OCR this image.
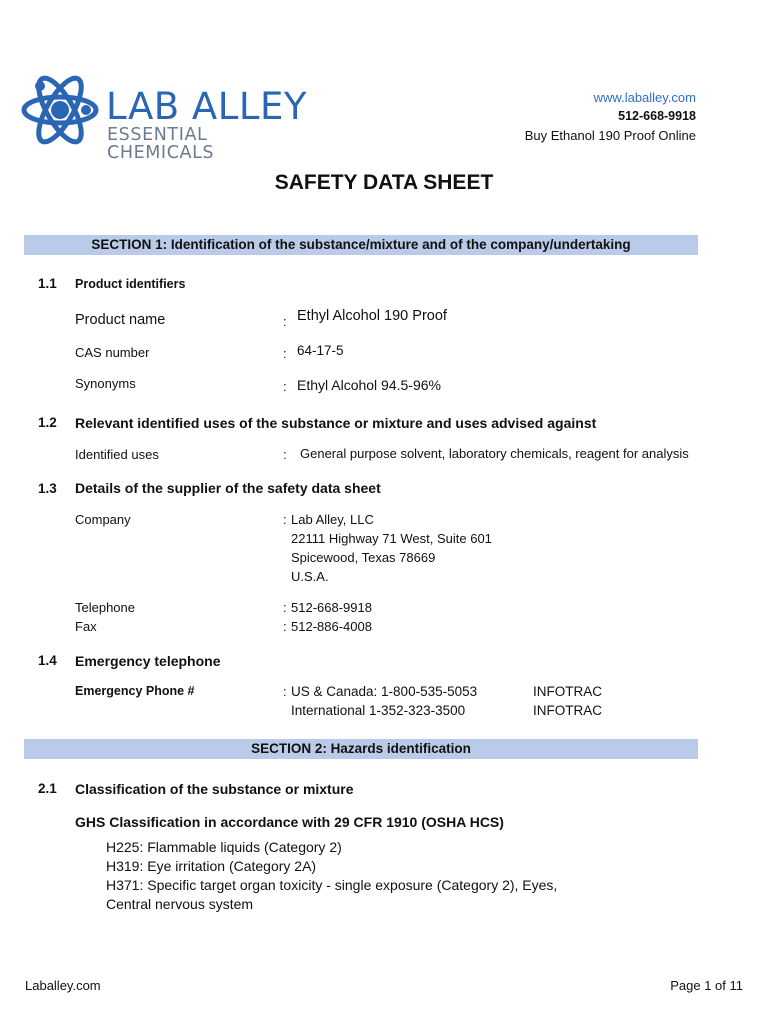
LAB ALLEY
ESSENTIAL CHEMICALS
www.laballey.com
512-668-9918
Buy Ethanol 190 Proof Online
SAFETY DATA SHEET
SECTION 1: Identification of the substance/mixture and of the company/undertaking
1.1 Product identifiers
Product name	: Ethyl Alcohol 190 Proof
CAS number	: 64-17-5
Synonyms	: Ethyl Alcohol 94.5-96%
1.2 Relevant identified uses of the substance or mixture and uses advised against
Identified uses	: General purpose solvent, laboratory chemicals, reagent for analysis
1.3 Details of the supplier of the safety data sheet
Company	: Lab Alley, LLC
22111 Highway 71 West, Suite 601
Spicewood, Texas 78669
U.S.A.
Telephone	: 512-668-9918
Fax	: 512-886-4008
1.4 Emergency telephone
Emergency Phone #	: US & Canada: 1-800-535-5053	INFOTRAC
International 1-352-323-3500	INFOTRAC
SECTION 2: Hazards identification
2.1 Classification of the substance or mixture
GHS Classification in accordance with 29 CFR 1910 (OSHA HCS)
H225: Flammable liquids (Category 2)
H319: Eye irritation (Category 2A)
H371: Specific target organ toxicity - single exposure (Category 2), Eyes,
Central nervous system
Laballey.com	Page 1 of 11
